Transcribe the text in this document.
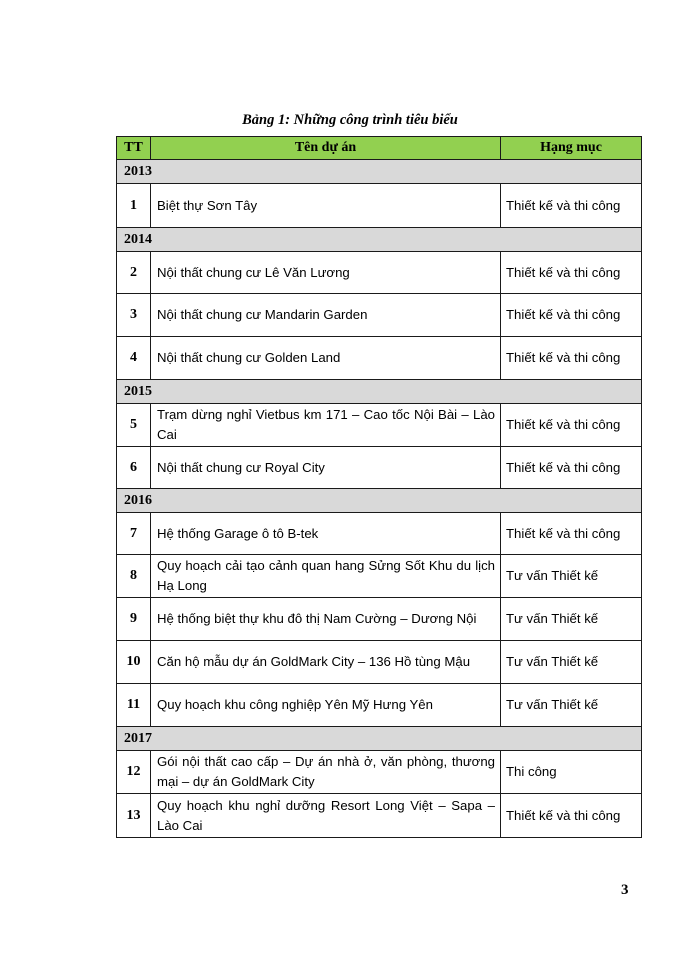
Bảng 1: Những công trình tiêu biểu
TT	Tên dự án	Hạng mục
2013		
1	Biệt thự Sơn Tây	Thiết kế và thi công
2014		
2	Nội thất chung cư Lê Văn Lương	Thiết kế và thi công
3	Nội thất chung cư Mandarin Garden	Thiết kế và thi công
4	Nội thất chung cư Golden Land	Thiết kế và thi công
2015		
5	Trạm dừng nghỉ Vietbus km 171 – Cao tốc Nội Bài – Lào Cai	Thiết kế và thi công
6	Nội thất chung cư Royal City	Thiết kế và thi công
2016		
7	Hệ thống Garage ô tô B-tek	Thiết kế và thi công
8	Quy hoạch cải tạo cảnh quan hang Sửng Sốt Khu du lịch Hạ Long	Tư vấn Thiết kế
9	Hệ thống biệt thự khu đô thị Nam Cường – Dương Nội	Tư vấn Thiết kế
10	Căn hộ mẫu dự án GoldMark City – 136 Hồ tùng Mậu	Tư vấn Thiết kế
11	Quy hoạch khu công nghiệp Yên Mỹ Hưng Yên	Tư vấn Thiết kế
2017		
12	Gói nội thất cao cấp – Dự án nhà ở, văn phòng, thương mại – dự án GoldMark City	Thi công
13	Quy hoạch khu nghỉ dưỡng Resort Long Việt – Sapa – Lào Cai	Thiết kế và thi công
3
